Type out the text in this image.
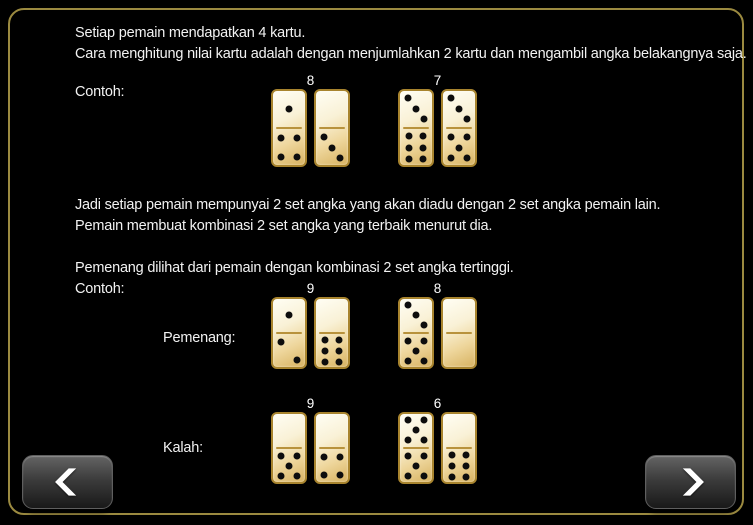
Setiap pemain mendapatkan 4 kartu.

Cara menghitung nilai kartu adalah dengan menjumlahkan 2 kartu dan mengambil angka belakangnya saja.

Contoh:

8	7

Jadi setiap pemain mempunyai 2 set angka yang akan diadu dengan 2 set angka pemain lain.

Pemain membuat kombinasi 2 set angka yang terbaik menurut dia.

Pemenang dilihat dari pemain dengan kombinasi 2 set angka tertinggi.

Contoh:

Pemenang:

9	8

Kalah:

9	6
